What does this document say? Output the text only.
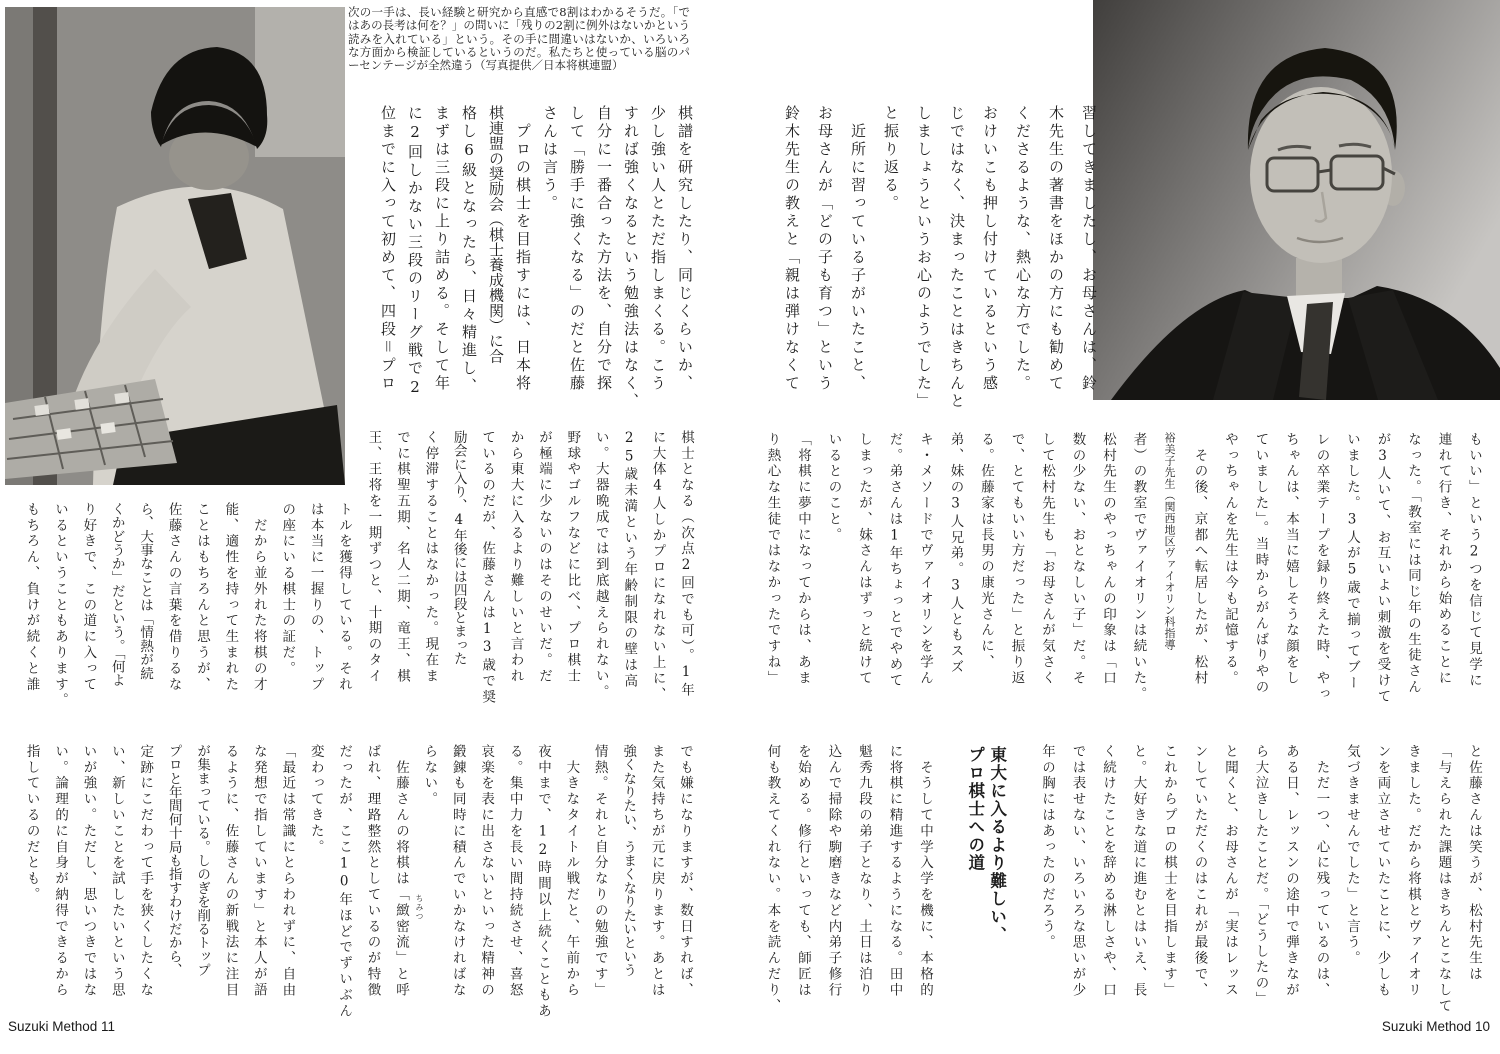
次の一手は、長い経験と研究から直感で8割はわかるそうだ。「ではあの長考は何を？」の問いに「残りの2割に例外はないかという読みを入れている」という。その手に間違いはないか、いろいろな方面から検証しているというのだ。私たちと使っている脳のパーセンテージが全然違う（写真提供／日本将棋連盟）
棋譜を研究したり、同じくらいか、
少し強い人とただ指しまくる。こう
すれば強くなるという勉強法はなく、
自分に一番合った方法を、自分で探
して「勝手に強くなる」のだと佐藤
さんは言う。
　プロの棋士を目指すには、日本将
棋連盟の奨励会（棋士養成機関）に合
格し6級となったら、日々精進し、
まずは三段に上り詰める。そして年
に2回しかない三段のリーグ戦で2
位までに入って初めて、四段＝プロ
棋士となる（次点2回でも可）。1年
に大体4人しかプロになれない上に、
25歳未満という年齢制限の壁は高
い。大器晩成では到底越えられない。
野球やゴルフなどに比べ、プロ棋士
が極端に少ないのはそのせいだ。だ
から東大に入るより難しいと言われ
ているのだが、佐藤さんは13歳で奨
励会に入り、4年後には四段とまった
く停滞することはなかった。現在ま
でに棋聖五期、名人二期、竜王、棋
王、王将を一期ずつと、十期のタイ
トルを獲得している。それ
は本当に一握りの、トップ
の座にいる棋士の証だ。
　だから並外れた将棋の才
能、適性を持って生まれた
ことはもちろんと思うが、
佐藤さんの言葉を借りるな
ら、大事なことは「情熱が続
くかどうか」だという。「何よ
り好きで、この道に入って
いるということもあります。
もちろん、負けが続くと誰
でも嫌になりますが、数日すれば、
また気持ちが元に戻ります。あとは
強くなりたい、うまくなりたいという
情熱。それと自分なりの勉強です」
　大きなタイトル戦だと、午前から
夜中まで、12時間以上続くこともあ
る。集中力を長い間持続させ、喜怒
哀楽を表に出さないといった精神の
鍛錬も同時に積んでいかなければな
らない。
　佐藤さんの将棋は「緻密流」と呼
ばれ、理路整然としているのが特徴
だったが、ここ10年ほどでずいぶん
変わってきた。
「最近は常識にとらわれずに、自由
な発想で指しています」と本人が語
るように、佐藤さんの新戦法に注目
が集まっている。しのぎを削るトップ
プロと年間何十局も指すわけだから、
定跡にこだわって手を狭くしたくな
い、新しいことを試したいという思
いが強い。ただし、思いつきではな
い。論理的に自身が納得できるから
指しているのだとも。
ちみつ
Suzuki Method 11
習してきましたし、お母さんは、鈴
木先生の著書をほかの方にも勧めて
くださるような、熱心な方でした。
おけいこも押し付けているという感
じではなく、決まったことはきちんと
しましょうというお心のようでした」
と振り返る。
　近所に習っている子がいたこと、
お母さんが「どの子も育つ」という
鈴木先生の教えと「親は弾けなくて
もいい」という2つを信じて見学に
連れて行き、それから始めることに
なった。「教室には同じ年の生徒さん
が3人いて、お互いよい刺激を受けて
いました。3人が5歳で揃ってブー
レの卒業テープを録り終えた時、やっ
ちゃんは、本当に嬉しそうな顔をし
ていました」。当時からがんばりやの
やっちゃんを先生は今も記憶する。
　その後、京都へ転居したが、松村
裕美子先生（関西地区ヴァイオリン科指導
者）の教室でヴァイオリンは続いた。
松村先生のやっちゃんの印象は「口
数の少ない、おとなしい子」だ。そ
して松村先生も「お母さんが気さく
で、とてもいい方だった」と振り返
る。佐藤家は長男の康光さんに、
弟、妹の3人兄弟。3人ともスズ
キ・メソードでヴァイオリンを学ん
だ。弟さんは1年ちょっとでやめて
しまったが、妹さんはずっと続けて
いるとのこと。
「将棋に夢中になってからは、あま
り熱心な生徒ではなかったですね」
と佐藤さんは笑うが、松村先生は
「与えられた課題はきちんとこなして
きました。だから将棋とヴァイオリ
ンを両立させていたことに、少しも
気づきませんでした」と言う。
　ただ一つ、心に残っているのは、
ある日、レッスンの途中で弾きなが
ら大泣きしたことだ。「どうしたの」
と聞くと、お母さんが「実はレッス
ンしていただくのはこれが最後で、
これからプロの棋士を目指します」
と。大好きな道に進むとはいえ、長
く続けたことを辞める淋しさや、口
では表せない、いろいろな思いが少
年の胸にはあったのだろう。
東大に入るより難しい、
プロ棋士への道
　そうして中学入学を機に、本格的
に将棋に精進するようになる。田中
魁秀九段の弟子となり、土日は泊り
込んで掃除や駒磨きなど内弟子修行
を始める。修行といっても、師匠は
何も教えてくれない。本を読んだり、
Suzuki Method 10
